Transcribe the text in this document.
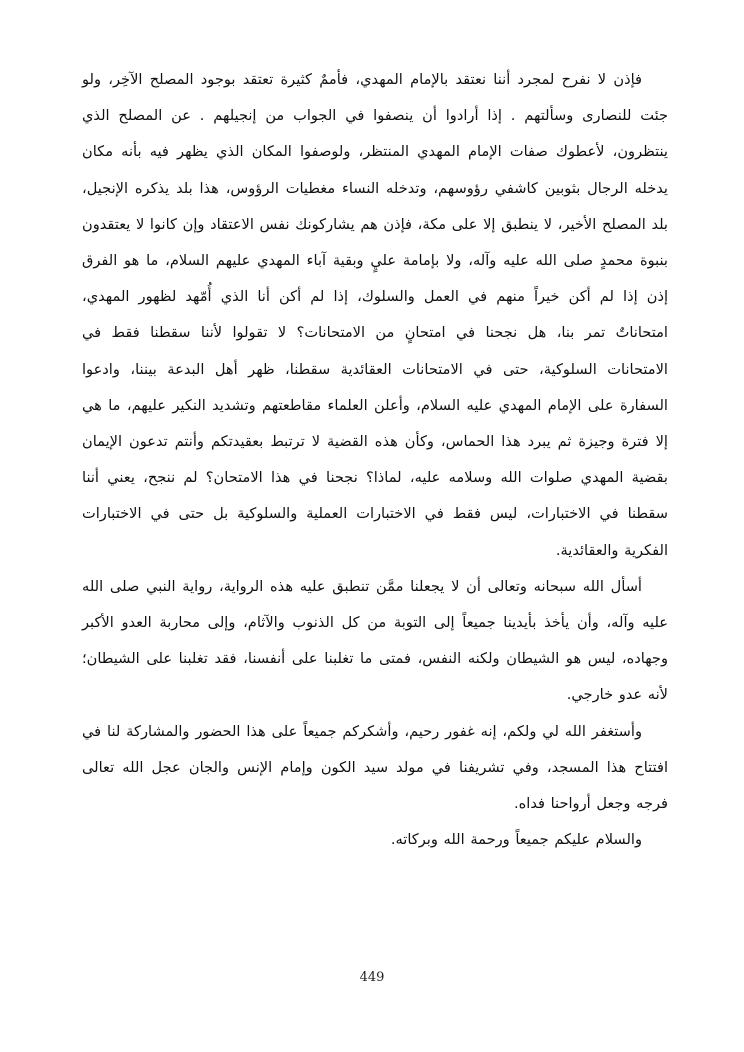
فإذن لا نفرح لمجرد أننا نعتقد بالإمام المهدي، فأممٌ كثيرة تعتقد بوجود المصلح الآخِر، ولو جئت للنصارى وسألتهم . إذا أرادوا أن ينصفوا في الجواب من إنجيلهم . عن المصلح الذي ينتظرون، لأعطوك صفات الإمام المهدي المنتظر، ولوصفوا المكان الذي يظهر فيه بأنه مكان يدخله الرجال بثوبين كاشفي رؤوسهم، وتدخله النساء مغطيات الرؤوس، هذا بلد يذكره الإنجيل، بلد المصلح الأخير، لا ينطبق إلا على مكة، فإذن هم يشاركونك نفس الاعتقاد وإن كانوا لا يعتقدون بنبوة محمدٍ صلى الله عليه وآله، ولا بإمامة عليٍ وبقية آباء المهدي عليهم السلام، ما هو الفرق إذن إذا لم أكن خيراً منهم في العمل والسلوك، إذا لم أكن أنا الذي أُمّهد لظهور المهدي، امتحاناتٌ تمر بنا، هل نجحنا في امتحانٍ من الامتحانات؟ لا تقولوا لأننا سقطنا فقط في الامتحانات السلوكية، حتى في الامتحانات العقائدية سقطنا، ظهر أهل البدعة بيننا، وادعوا السفارة على الإمام المهدي عليه السلام، وأعلن العلماء مقاطعتهم وتشديد النكير عليهم، ما هي إلا فترة وجيزة ثم يبرد هذا الحماس، وكأن هذه القضية لا ترتبط بعقيدتكم وأنتم تدعون الإيمان بقضية المهدي صلوات الله وسلامه عليه، لماذا؟ نجحنا في هذا الامتحان؟ لم ننجح، يعني أننا سقطنا في الاختبارات، ليس فقط في الاختبارات العملية والسلوكية بل حتى في الاختبارات الفكرية والعقائدية.

أسأل الله سبحانه وتعالى أن لا يجعلنا ممَّن تنطبق عليه هذه الرواية، رواية النبي صلى الله عليه وآله، وأن يأخذ بأيدينا جميعاً إلى التوبة من كل الذنوب والآثام، وإلى محاربة العدو الأكبر وجهاده، ليس هو الشيطان ولكنه النفس، فمتى ما تغلبنا على أنفسنا، فقد تغلبنا على الشيطان؛ لأنه عدو خارجي.

وأستغفر الله لي ولكم، إنه غفور رحيم، وأشكركم جميعاً على هذا الحضور والمشاركة لنا في افتتاح هذا المسجد، وفي تشريفنا في مولد سيد الكون وإمام الإنس والجان عجل الله تعالى فرجه وجعل أرواحنا فداه.

والسلام عليكم جميعاً ورحمة الله وبركاته.

449
